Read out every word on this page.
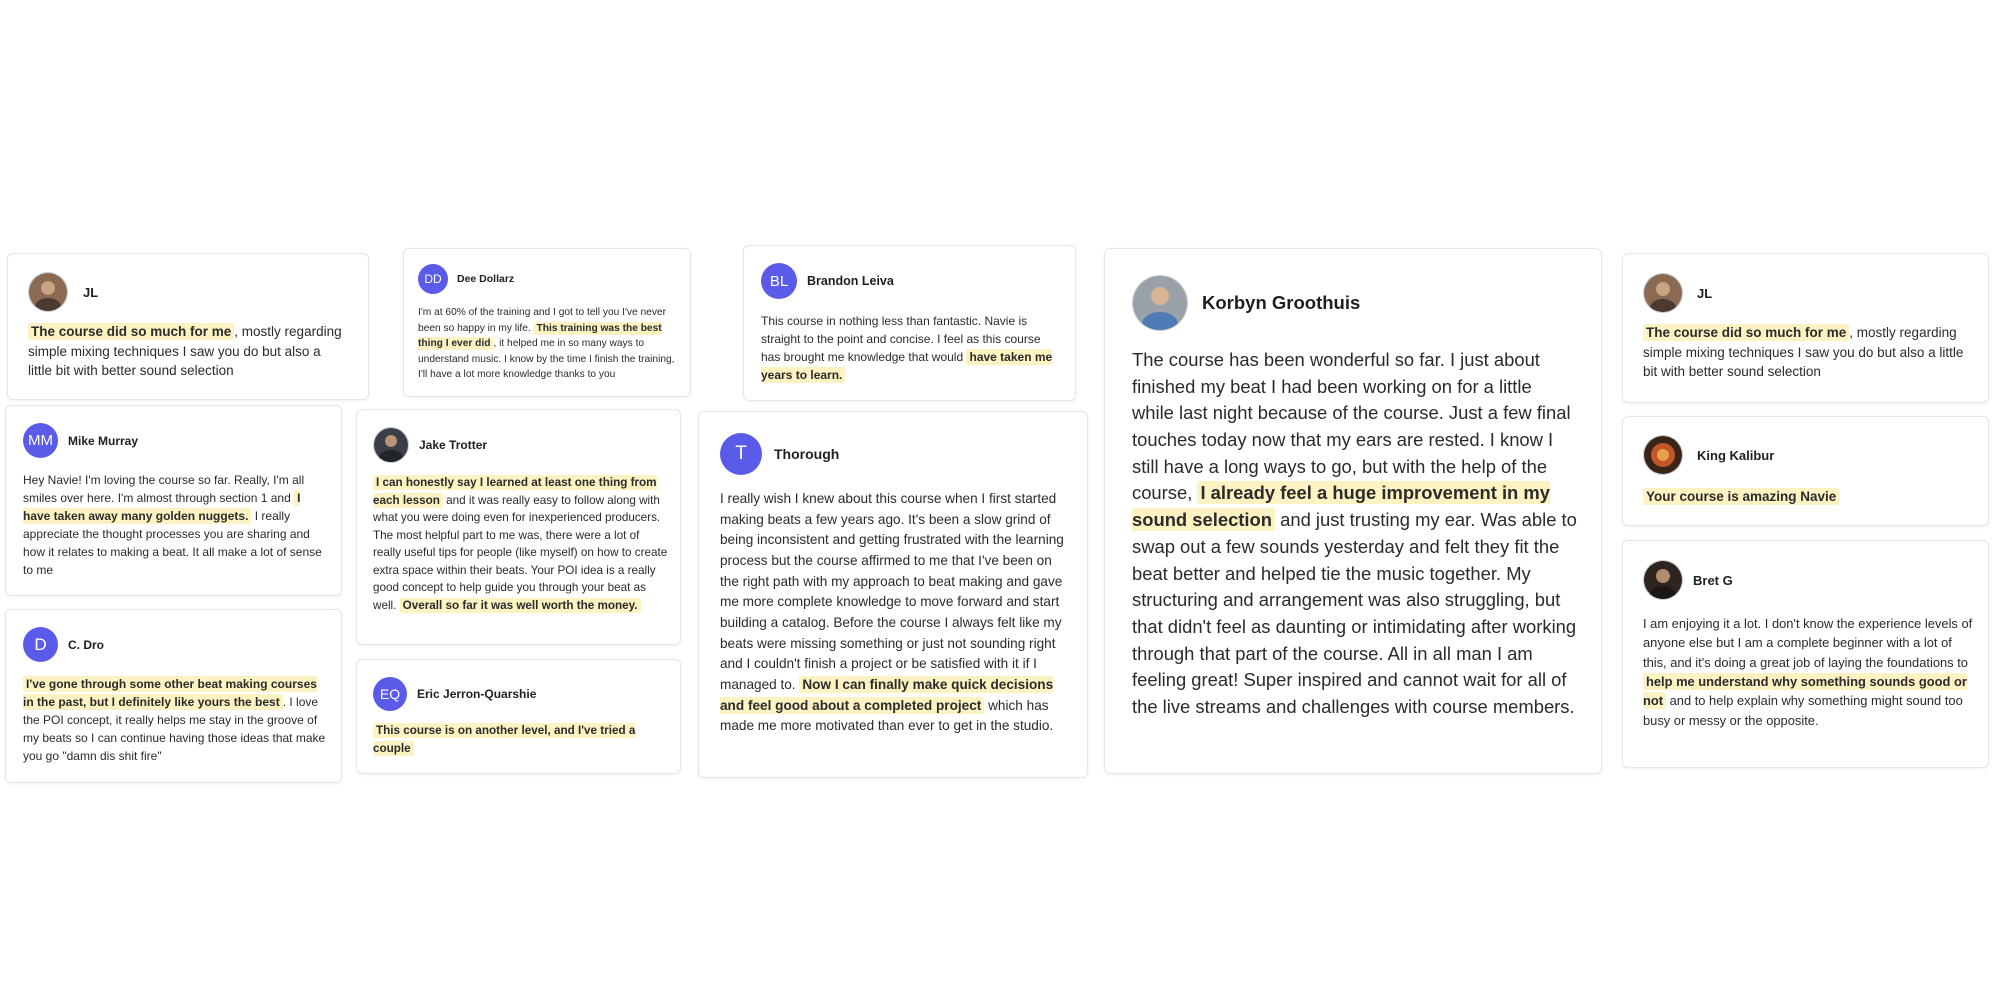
JL
The course did so much for me , mostly regarding simple mixing techniques I saw you do but also a little bit with better sound selection
MM	Mike Murray
Hey Navie! I'm loving the course so far. Really, I'm all smiles over here. I'm almost through section 1 and I have taken away many golden nuggets. I really appreciate the thought processes you are sharing and how it relates to making a beat. It all make a lot of sense to me
D	C. Dro
I've gone through some other beat making courses in the past, but I definitely like yours the best . I love the POI concept, it really helps me stay in the groove of my beats so I can continue having those ideas that make you go "damn dis shit fire"
DD	Dee Dollarz
I'm at 60% of the training and I got to tell you I've never been so happy in my life. This training was the best thing I ever did , it helped me in so many ways to understand music. I know by the time I finish the training, I'll have a lot more knowledge thanks to you
Jake Trotter
I can honestly say I learned at least one thing from each lesson and it was really easy to follow along with what you were doing even for inexperienced producers. The most helpful part to me was, there were a lot of really useful tips for people (like myself) on how to create extra space within their beats. Your POI idea is a really good concept to help guide you through your beat as well. Overall so far it was well worth the money.
EQ	Eric Jerron-Quarshie
This course is on another level, and I've tried a couple
BL	Brandon Leiva
This course in nothing less than fantastic. Navie is straight to the point and concise. I feel as this course has brought me knowledge that would have taken me years to learn.
T	Thorough
I really wish I knew about this course when I first started making beats a few years ago. It's been a slow grind of being inconsistent and getting frustrated with the learning process but the course affirmed to me that I've been on the right path with my approach to beat making and gave me more complete knowledge to move forward and start building a catalog. Before the course I always felt like my beats were missing something or just not sounding right and I couldn't finish a project or be satisfied with it if I managed to. Now I can finally make quick decisions and feel good about a completed project which has made me more motivated than ever to get in the studio.
Korbyn Groothuis
The course has been wonderful so far. I just about finished my beat I had been working on for a little while last night because of the course. Just a few final touches today now that my ears are rested. I know I still have a long ways to go, but with the help of the course, I already feel a huge improvement in my sound selection and just trusting my ear. Was able to swap out a few sounds yesterday and felt they fit the beat better and helped tie the music together. My structuring and arrangement was also struggling, but that didn't feel as daunting or intimidating after working through that part of the course. All in all man I am feeling great! Super inspired and cannot wait for all of the live streams and challenges with course members.
JL
The course did so much for me , mostly regarding simple mixing techniques I saw you do but also a little bit with better sound selection
King Kalibur
Your course is amazing Navie
Bret G
I am enjoying it a lot. I don't know the experience levels of anyone else but I am a complete beginner with a lot of this, and it's doing a great job of laying the foundations to help me understand why something sounds good or not and to help explain why something might sound too busy or messy or the opposite.
